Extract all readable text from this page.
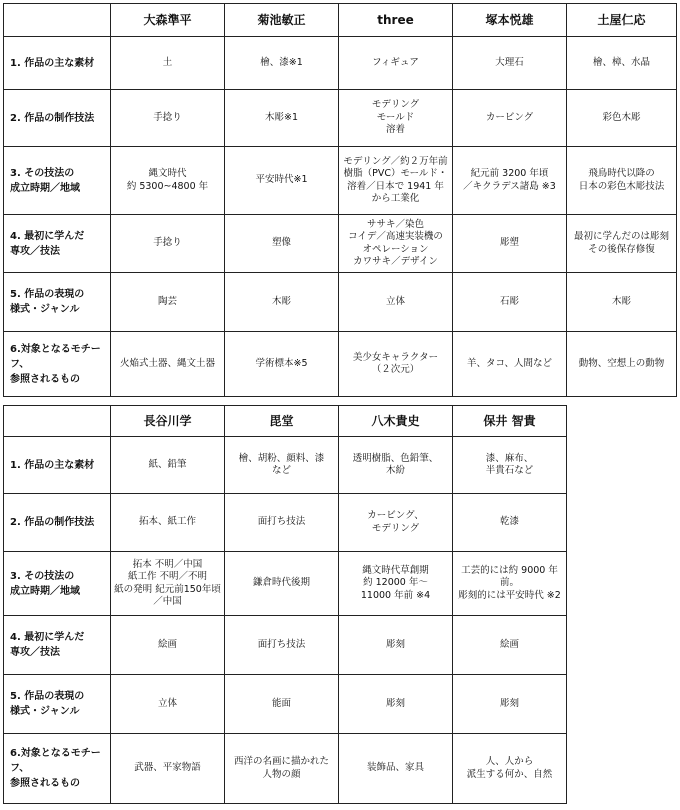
	大森準平	菊池敏正	three	塚本悦雄	土屋仁応
1. 作品の主な素材	土	檜、漆※1	フィギュア	大理石	檜、樟、水晶
2. 作品の制作技法	手捻り	木彫※1	モデリング
モールド
溶着	カービング	彩色木彫
3. その技法の
成立時期／地域	縄文時代
約 5300~4800 年	平安時代※1	モデリング／約２万年前
樹脂（PVC）モールド・
溶着／日本で 1941 年
から工業化	紀元前 3200 年頃
／キクラデス諸島 ※3	飛鳥時代以降の
日本の彩色木彫技法
4. 最初に学んだ
専攻／技法	手捻り	塑像	ササキ／染色
コイデ／高速実装機の
オペレーション
カワサキ／デザイン	彫塑	最初に学んだのは彫刻
その後保存修復
5. 作品の表現の
様式・ジャンル	陶芸	木彫	立体	石彫	木彫
6.対象となるモチーフ、
参照されるもの	火焔式土器、縄文土器	学術標本※5	美少女キャラクター
（２次元）	羊、タコ、人間など	動物、空想上の動物
	長谷川学	毘堂	八木貴史	保井 智貴
1. 作品の主な素材	紙、鉛筆	檜、胡粉、顔料、漆
など	透明樹脂、色鉛筆、
木紛	漆、麻布、
半貴石など
2. 作品の制作技法	拓本、紙工作	面打ち技法	カービング、
モデリング	乾漆
3. その技法の
成立時期／地域	拓本 不明／中国
紙工作 不明／不明
紙の発明 紀元前150年頃
／中国	鎌倉時代後期	縄文時代草創期
約 12000 年～
11000 年前 ※4	工芸的には約 9000 年前。
彫刻的には平安時代 ※2
4. 最初に学んだ
専攻／技法	絵画	面打ち技法	彫刻	絵画
5. 作品の表現の
様式・ジャンル	立体	能面	彫刻	彫刻
6.対象となるモチーフ、
参照されるもの	武器、平家物語	西洋の名画に描かれた
人物の顔	装飾品、家具	人、人から
派生する何か、自然
